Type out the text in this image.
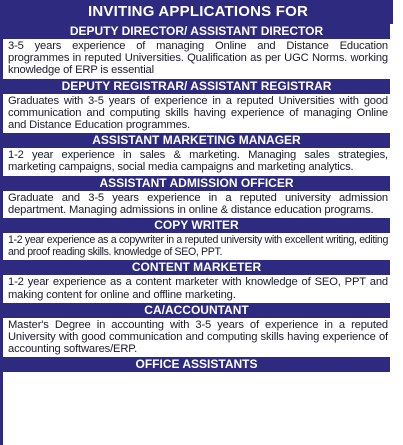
INVITING APPLICATIONS FOR
DEPUTY DIRECTOR/ ASSISTANT DIRECTOR
3-5 years experience of managing Online and Distance Education programmes in reputed Universities. Qualification as per UGC Norms. working knowledge of ERP is essential
DEPUTY REGISTRAR/ ASSISTANT REGISTRAR
Graduates with 3-5 years of experience in a reputed Universities with good communication and computing skills having experience of managing Online and Distance Education programmes.
ASSISTANT MARKETING MANAGER
1-2 year experience in sales & marketing. Managing sales strategies, marketing campaigns, social media campaigns and marketing analytics.
ASSISTANT ADMISSION OFFICER
Graduate and 3-5 years experience in a reputed university admission department. Managing admissions in online & distance education programs.
COPY WRITER
1-2 year experience as a copywriter in a reputed university with excellent writing, editing and proof reading skills. knowledge of SEO, PPT.
CONTENT MARKETER
1-2 year experience as a content marketer with knowledge of SEO, PPT and making content for online and offline marketing.
CA/ACCOUNTANT
Master's Degree in accounting with 3-5 years of experience in a reputed University with good communication and computing skills having experience of accounting softwares/ERP.
OFFICE ASSISTANTS
